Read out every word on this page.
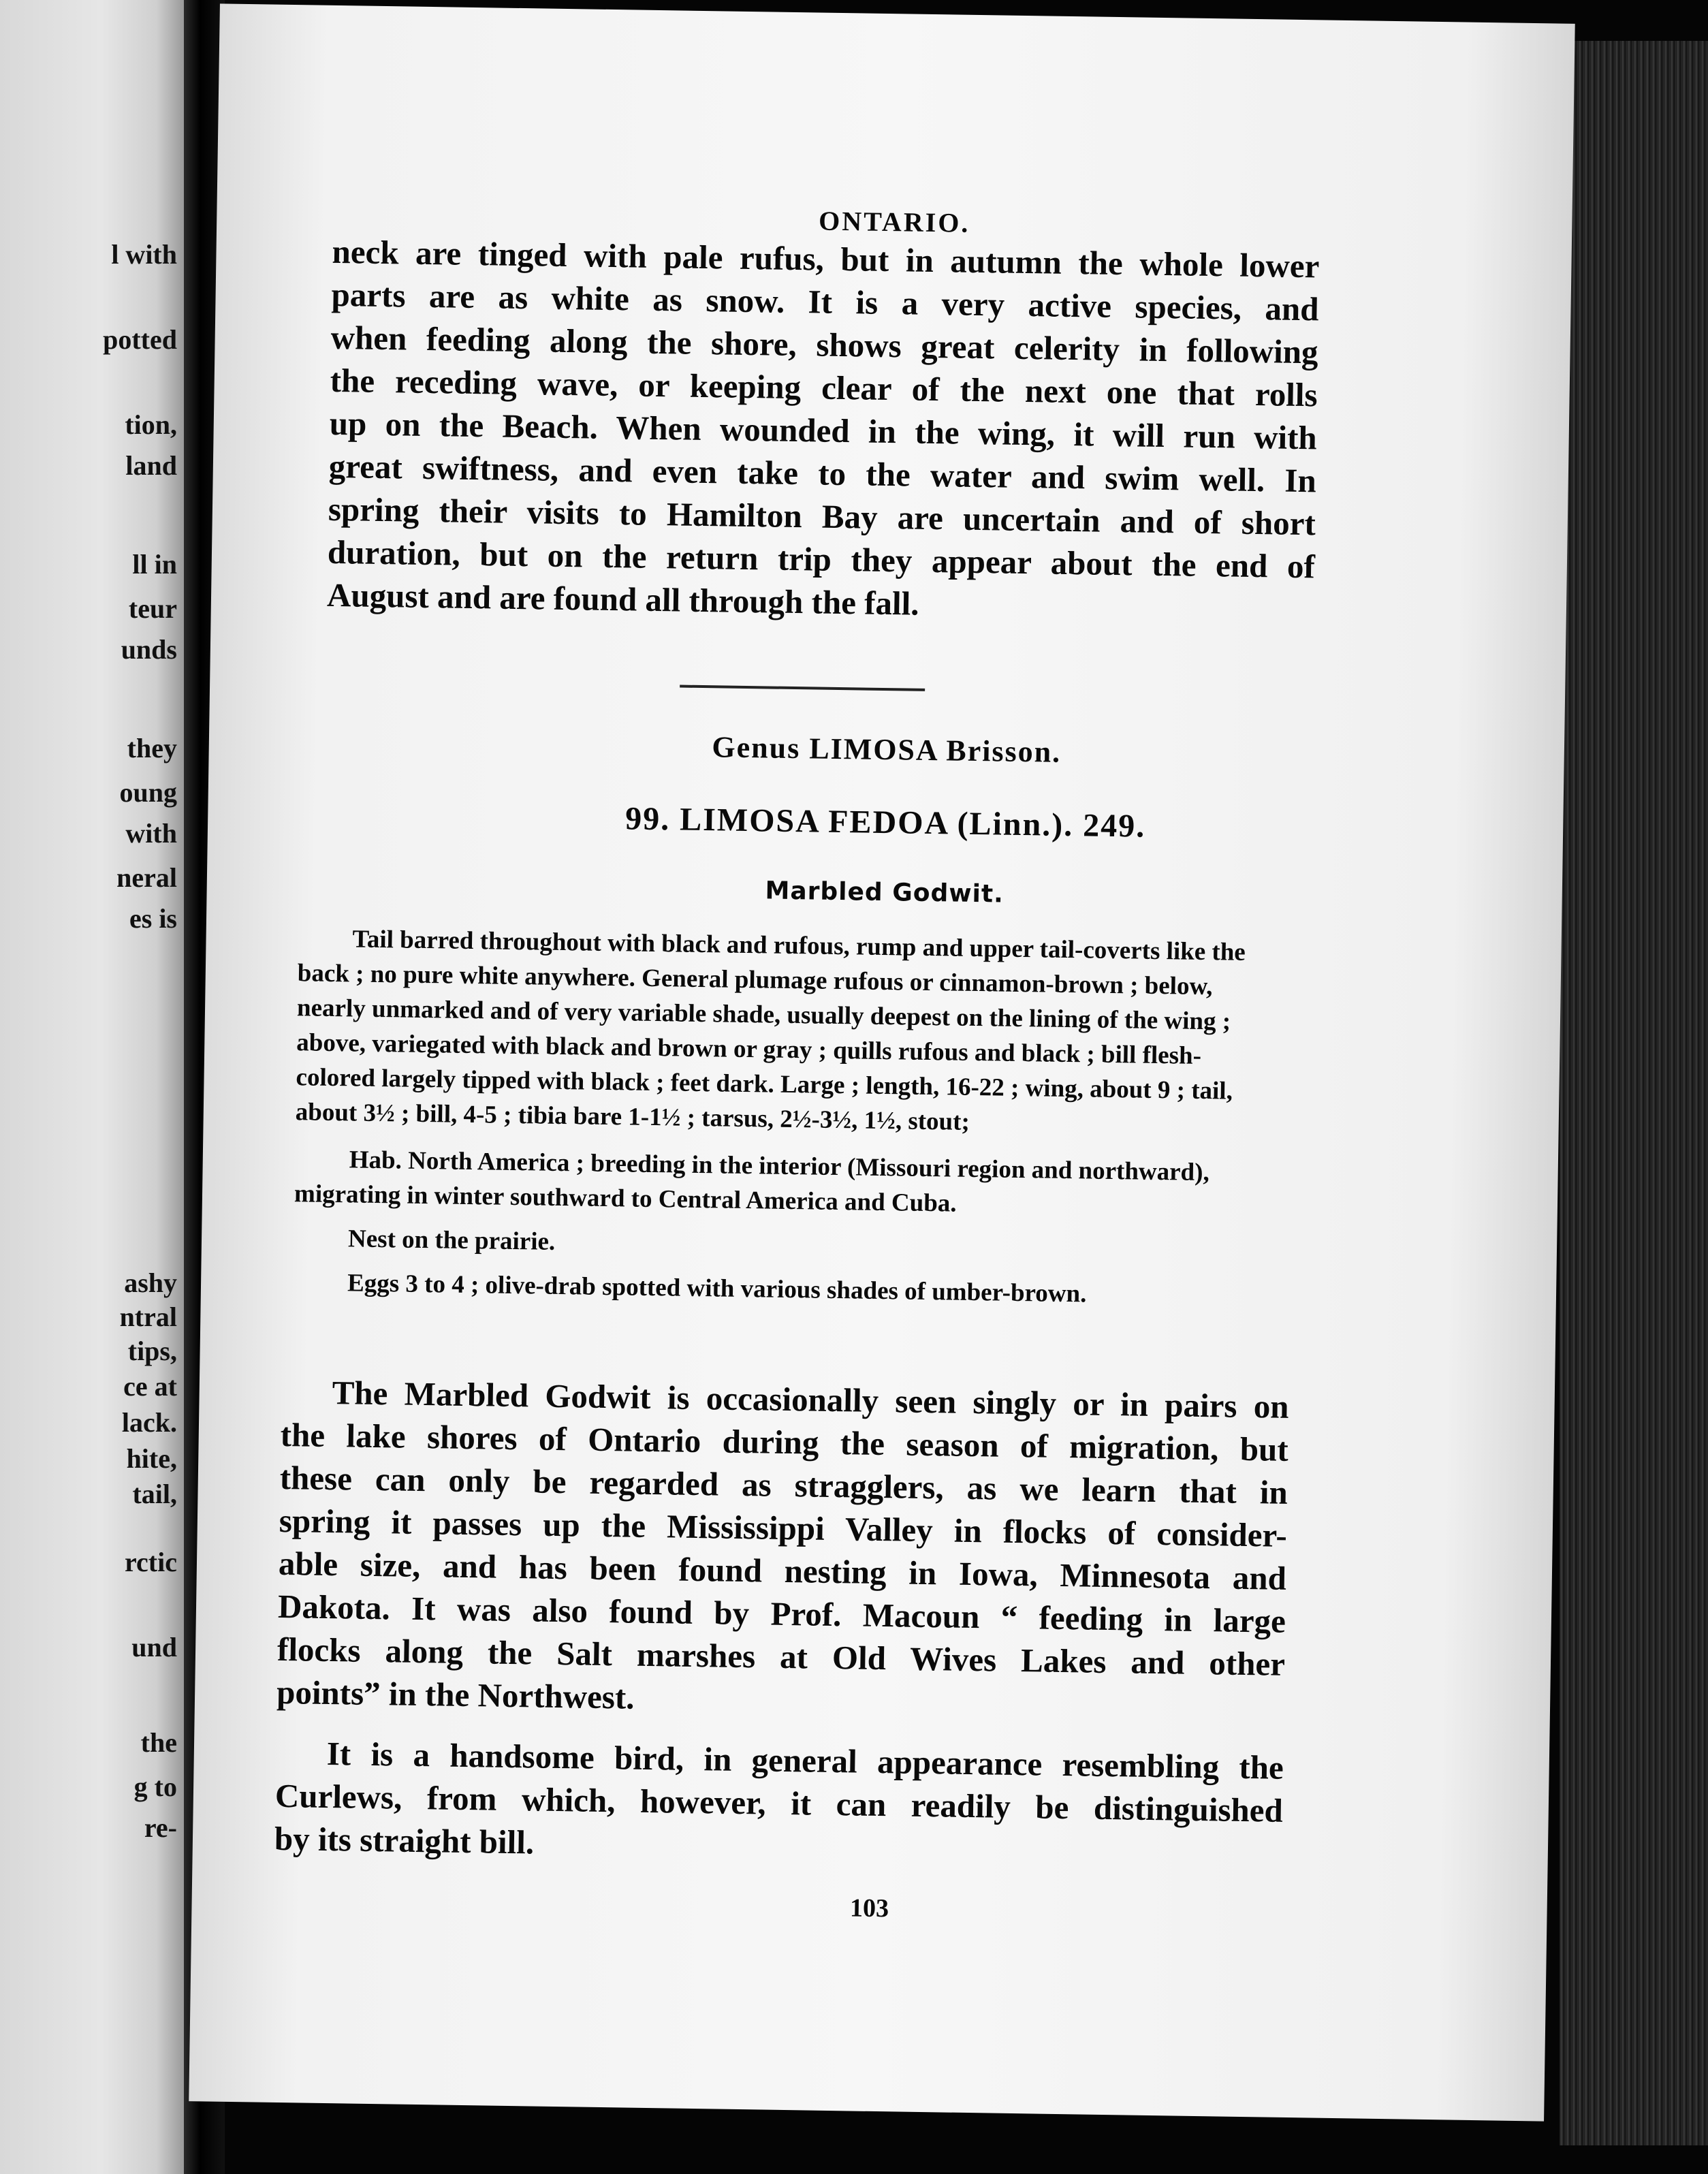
l with
potted
tion,
land
ll in
teur
unds
they
oung
with
neral
es is
ashy
ntral
tips,
ce at
lack.
hite,
tail,
rctic
und
the
g to
re-
ONTARIO.
neck are tinged with pale rufus, but in autumn the whole lower
parts are as white as snow. It is a very active species, and
when feeding along the shore, shows great celerity in following
the receding wave, or keeping clear of the next one that rolls
up on the Beach. When wounded in the wing, it will run with
great swiftness, and even take to the water and swim well. In
spring their visits to Hamilton Bay are uncertain and of short
duration, but on the return trip they appear about the end of
August and are found all through the fall.
Genus LIMOSA Brisson.
99. LIMOSA FEDOA (Linn.). 249.
Marbled Godwit.

Tail barred throughout with black and rufous, rump and upper tail-coverts like the back ; no pure white anywhere. General plumage rufous or cinnamon-brown ; below, nearly unmarked and of very variable shade, usually deepest on the lining of the wing ; above, variegated with black and brown or gray ; quills rufous and black ; bill flesh-colored largely tipped with black ; feet dark. Large ; length, 16-22 ; wing, about 9 ; tail, about 3½ ; bill, 4-5 ; tibia bare 1-1½ ; tarsus, 2½-3½, 1½, stout;

Hab. North America ; breeding in the interior (Missouri region and northward), migrating in winter southward to Central America and Cuba.

Nest on the prairie.

Eggs 3 to 4 ; olive-drab spotted with various shades of umber-brown.

The Marbled Godwit is occasionally seen singly or in pairs on
the lake shores of Ontario during the season of migration, but
these can only be regarded as stragglers, as we learn that in
spring it passes up the Mississippi Valley in flocks of consider-
able size, and has been found nesting in Iowa, Minnesota and
Dakota. It was also found by Prof. Macoun “ feeding in large
flocks along the Salt marshes at Old Wives Lakes and other
points” in the Northwest.
It is a handsome bird, in general appearance resembling the
Curlews, from which, however, it can readily be distinguished
by its straight bill.
103
